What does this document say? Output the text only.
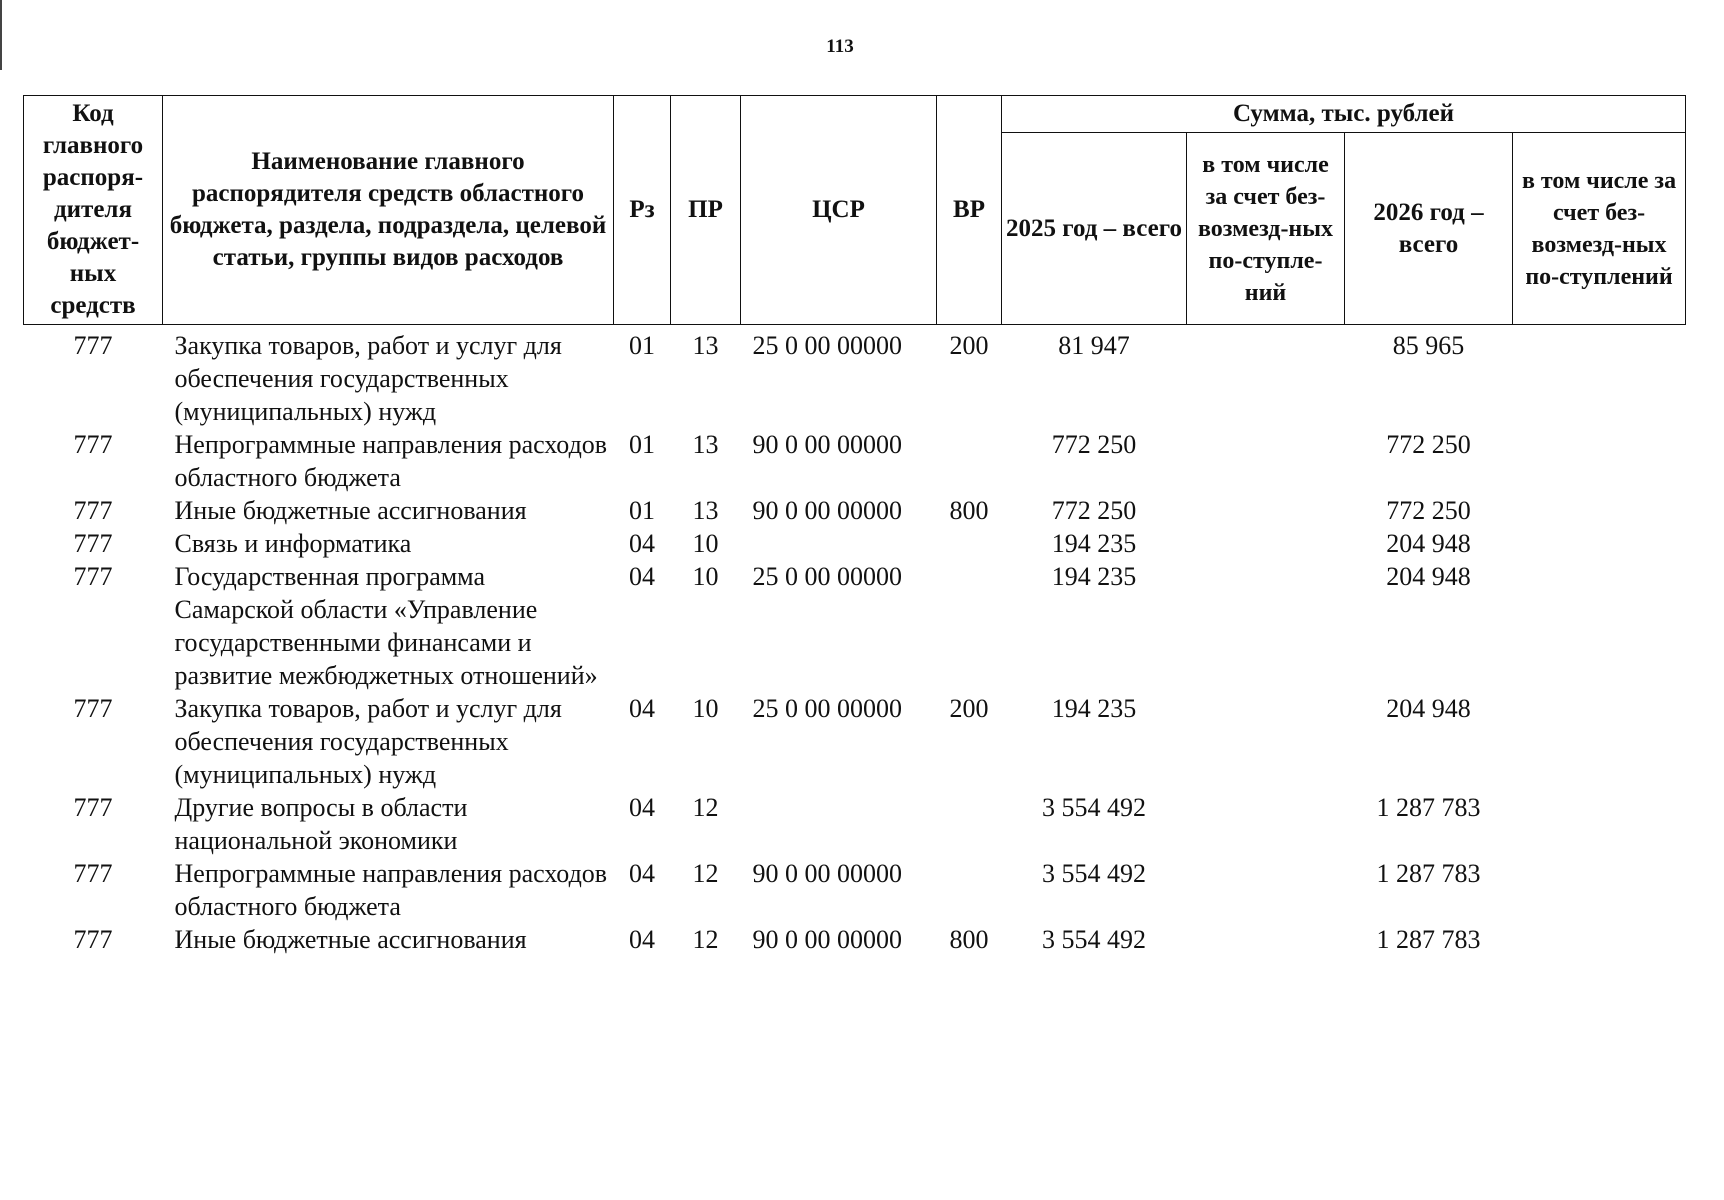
113
Код главного распоря-дителя бюджет-ных средств	Наименование главного распорядителя средств областного бюджета, раздела, подраздела, целевой статьи, группы видов расходов	Рз	ПР	ЦСР	ВР	Сумма, тыс. рублей			
						2025 год – всего	в том числе за счет без-возмезд-ных по-ступле-ний	2026 год – всего	в том числе за счет без-возмезд-ных по-ступлений
777	Закупка товаров, работ и услуг для обеспечения государственных (муниципальных) нужд	01	13	25 0 00 00000	200	81 947		85 965	
777	Непрограммные направления расходов областного бюджета	01	13	90 0 00 00000		772 250		772 250	
777	Иные бюджетные ассигнования	01	13	90 0 00 00000	800	772 250		772 250	
777	Связь и информатика	04	10			194 235		204 948	
777	Государственная программа Самарской области «Управление государственными финансами и развитие межбюджетных отношений»	04	10	25 0 00 00000		194 235		204 948	
777	Закупка товаров, работ и услуг для обеспечения государственных (муниципальных) нужд	04	10	25 0 00 00000	200	194 235		204 948	
777	Другие вопросы в области национальной экономики	04	12			3 554 492		1 287 783	
777	Непрограммные направления расходов областного бюджета	04	12	90 0 00 00000		3 554 492		1 287 783	
777	Иные бюджетные ассигнования	04	12	90 0 00 00000	800	3 554 492		1 287 783	
